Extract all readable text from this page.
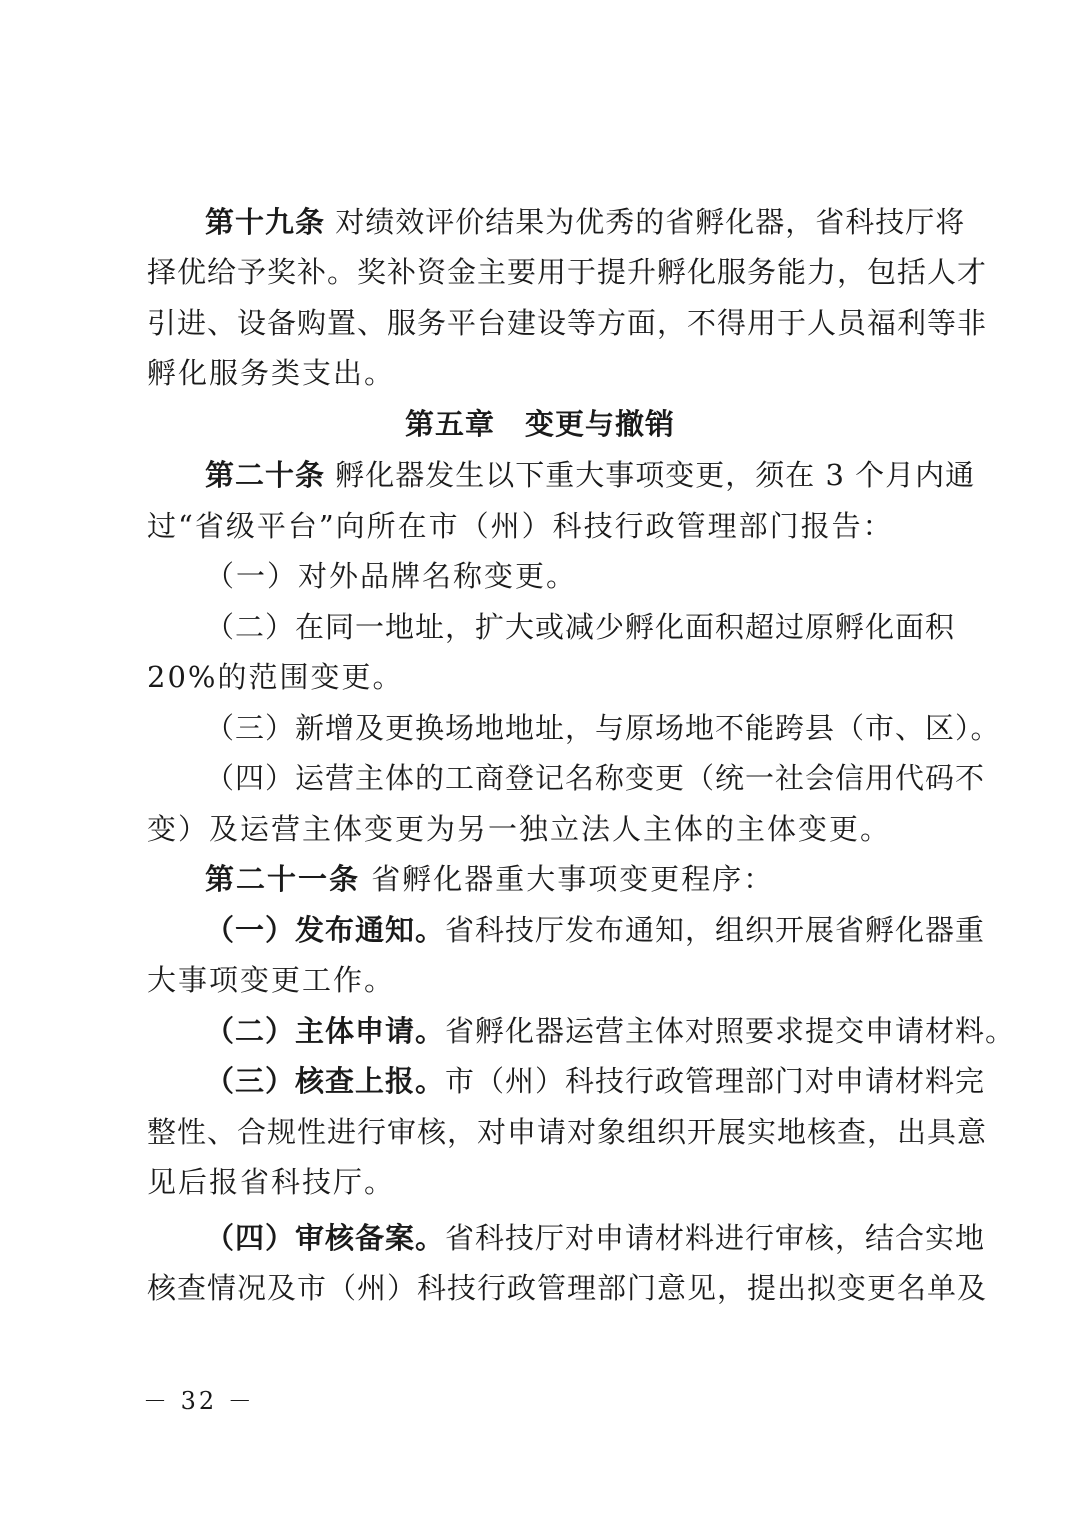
第十九条 对绩效评价结果为优秀的省孵化器，省科技厅将
择优给予奖补。奖补资金主要用于提升孵化服务能力，包括人才
引进、设备购置、服务平台建设等方面，不得用于人员福利等非
孵化服务类支出。
第五章 变更与撤销
第二十条 孵化器发生以下重大事项变更，须在 3 个月内通
过“省级平台”向所在市（州）科技行政管理部门报告：
（一）对外品牌名称变更。
（二）在同一地址，扩大或减少孵化面积超过原孵化面积
20%的范围变更。
（三）新增及更换场地地址，与原场地不能跨县（市、区）。
（四）运营主体的工商登记名称变更（统一社会信用代码不
变）及运营主体变更为另一独立法人主体的主体变更。
第二十一条 省孵化器重大事项变更程序：
（一）发布通知。省科技厅发布通知，组织开展省孵化器重
大事项变更工作。
（二）主体申请。省孵化器运营主体对照要求提交申请材料。
（三）核查上报。市（州）科技行政管理部门对申请材料完
整性、合规性进行审核，对申请对象组织开展实地核查，出具意
见后报省科技厅。
（四）审核备案。省科技厅对申请材料进行审核，结合实地
核查情况及市（州）科技行政管理部门意见，提出拟变更名单及
－ 32 －
